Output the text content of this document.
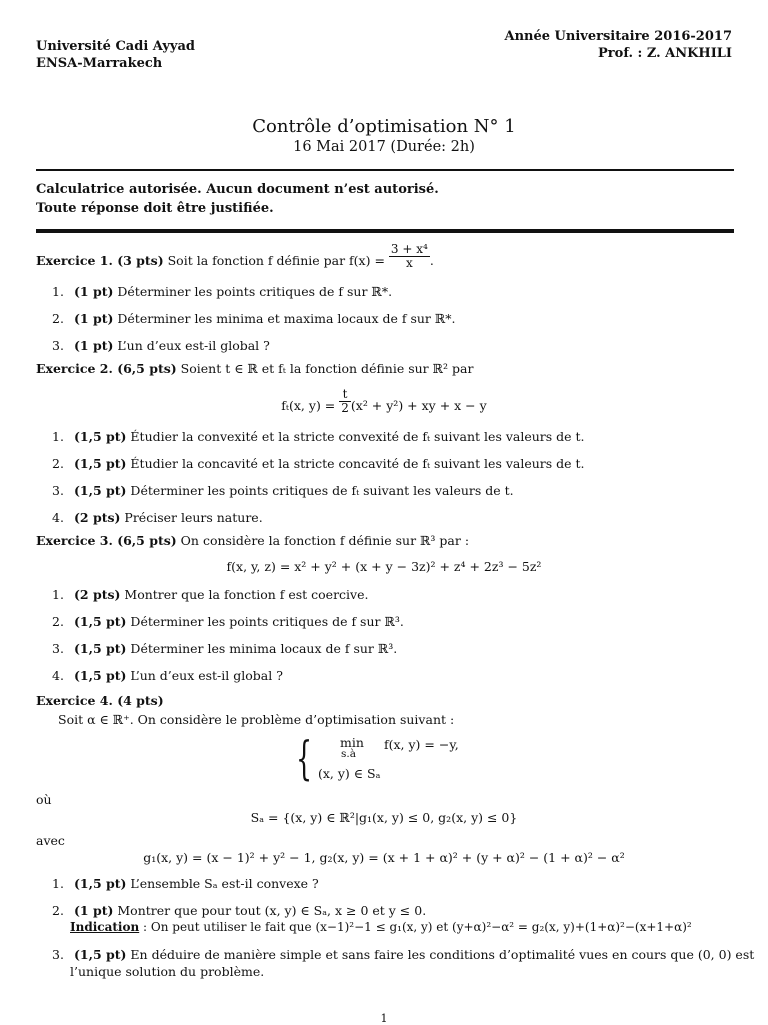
Université Cadi Ayyad
ENSA-Marrakech
Année Universitaire 2016-2017
Prof. : Z. ANKHILI
Contrôle d’optimisation N° 1
16 Mai 2017 (Durée: 2h)
Calculatrice autorisée. Aucun document n’est autorisé.
Toute réponse doit être justifiée.
Exercice 1. (3 pts) Soit la fonction f définie par $f(x) = \frac{\text{3 + x⁴}}{x}$ .
1. (1 pt) Déterminer les points critiques de f sur ℝ*.
2. (1 pt) Déterminer les minima et maxima locaux de f sur ℝ*.
3. (1 pt) L’un d’eux est-il global ?
Exercice 2. (6,5 pts) Soient t ∈ ℝ et fₜ la fonction définie sur ℝ² par
fₜ(x, $y) = \frac{t}{2} (x^2 + y^2)$ + xy + x − y
1. (1,5 pt) Étudier la convexité et la stricte convexité de fₜ suivant les valeurs de t.
2. (1,5 pt) Étudier la concavité et la stricte concavité de fₜ suivant les valeurs de t.
3. (1,5 pt) Déterminer les points critiques de fₜ suivant les valeurs de t.
4. (2 pts) Préciser leurs nature.
Exercice 3. (6,5 pts) On considère la fonction f définie sur ℝ³ par :
f(x, y, z) = x² + y² + (x + y − 3z)² + z⁴ + 2z³ − 5z²
1. (2 pts) Montrer que la fonction f est coercive.
2. (1,5 pt) Déterminer les points critiques de f sur ℝ³.
3. (1,5 pt) Déterminer les minima locaux de f sur ℝ³.
4. (1,5 pt) L’un d’eux est-il global ?
Exercice 4. (4 pts)
Soit α ∈ ℝ⁺. On considère le problème d’optimisation suivant :
{ min
s.à
f(x, y) = −y,
(x, y) ∈ Sₐ
où
Sₐ = {(x, y) ∈ ℝ²|g₁(x, y) ≤ 0, g₂(x, y) ≤ 0}
avec
g₁(x, y) = (x − 1)² + y² − 1, g₂(x, y) = (x + 1 + α)² + (y + α)² − (1 + α)² − α²
1. (1,5 pt) L’ensemble Sₐ est-il convexe ?
2. (1 pt) Montrer que pour tout (x, y) ∈ Sₐ, x ≥ 0 et y ≤ 0.
Indication : On peut utiliser le fait que (x−1)²−1 ≤ g₁(x, y) et (y+α)²−α² = g₂(x, y)+(1+α)²−(x+1+α)²
3. (1,5 pt) En déduire de manière simple et sans faire les conditions d’optimalité vues en cours que (0, 0) est
l’unique solution du problème.
1
